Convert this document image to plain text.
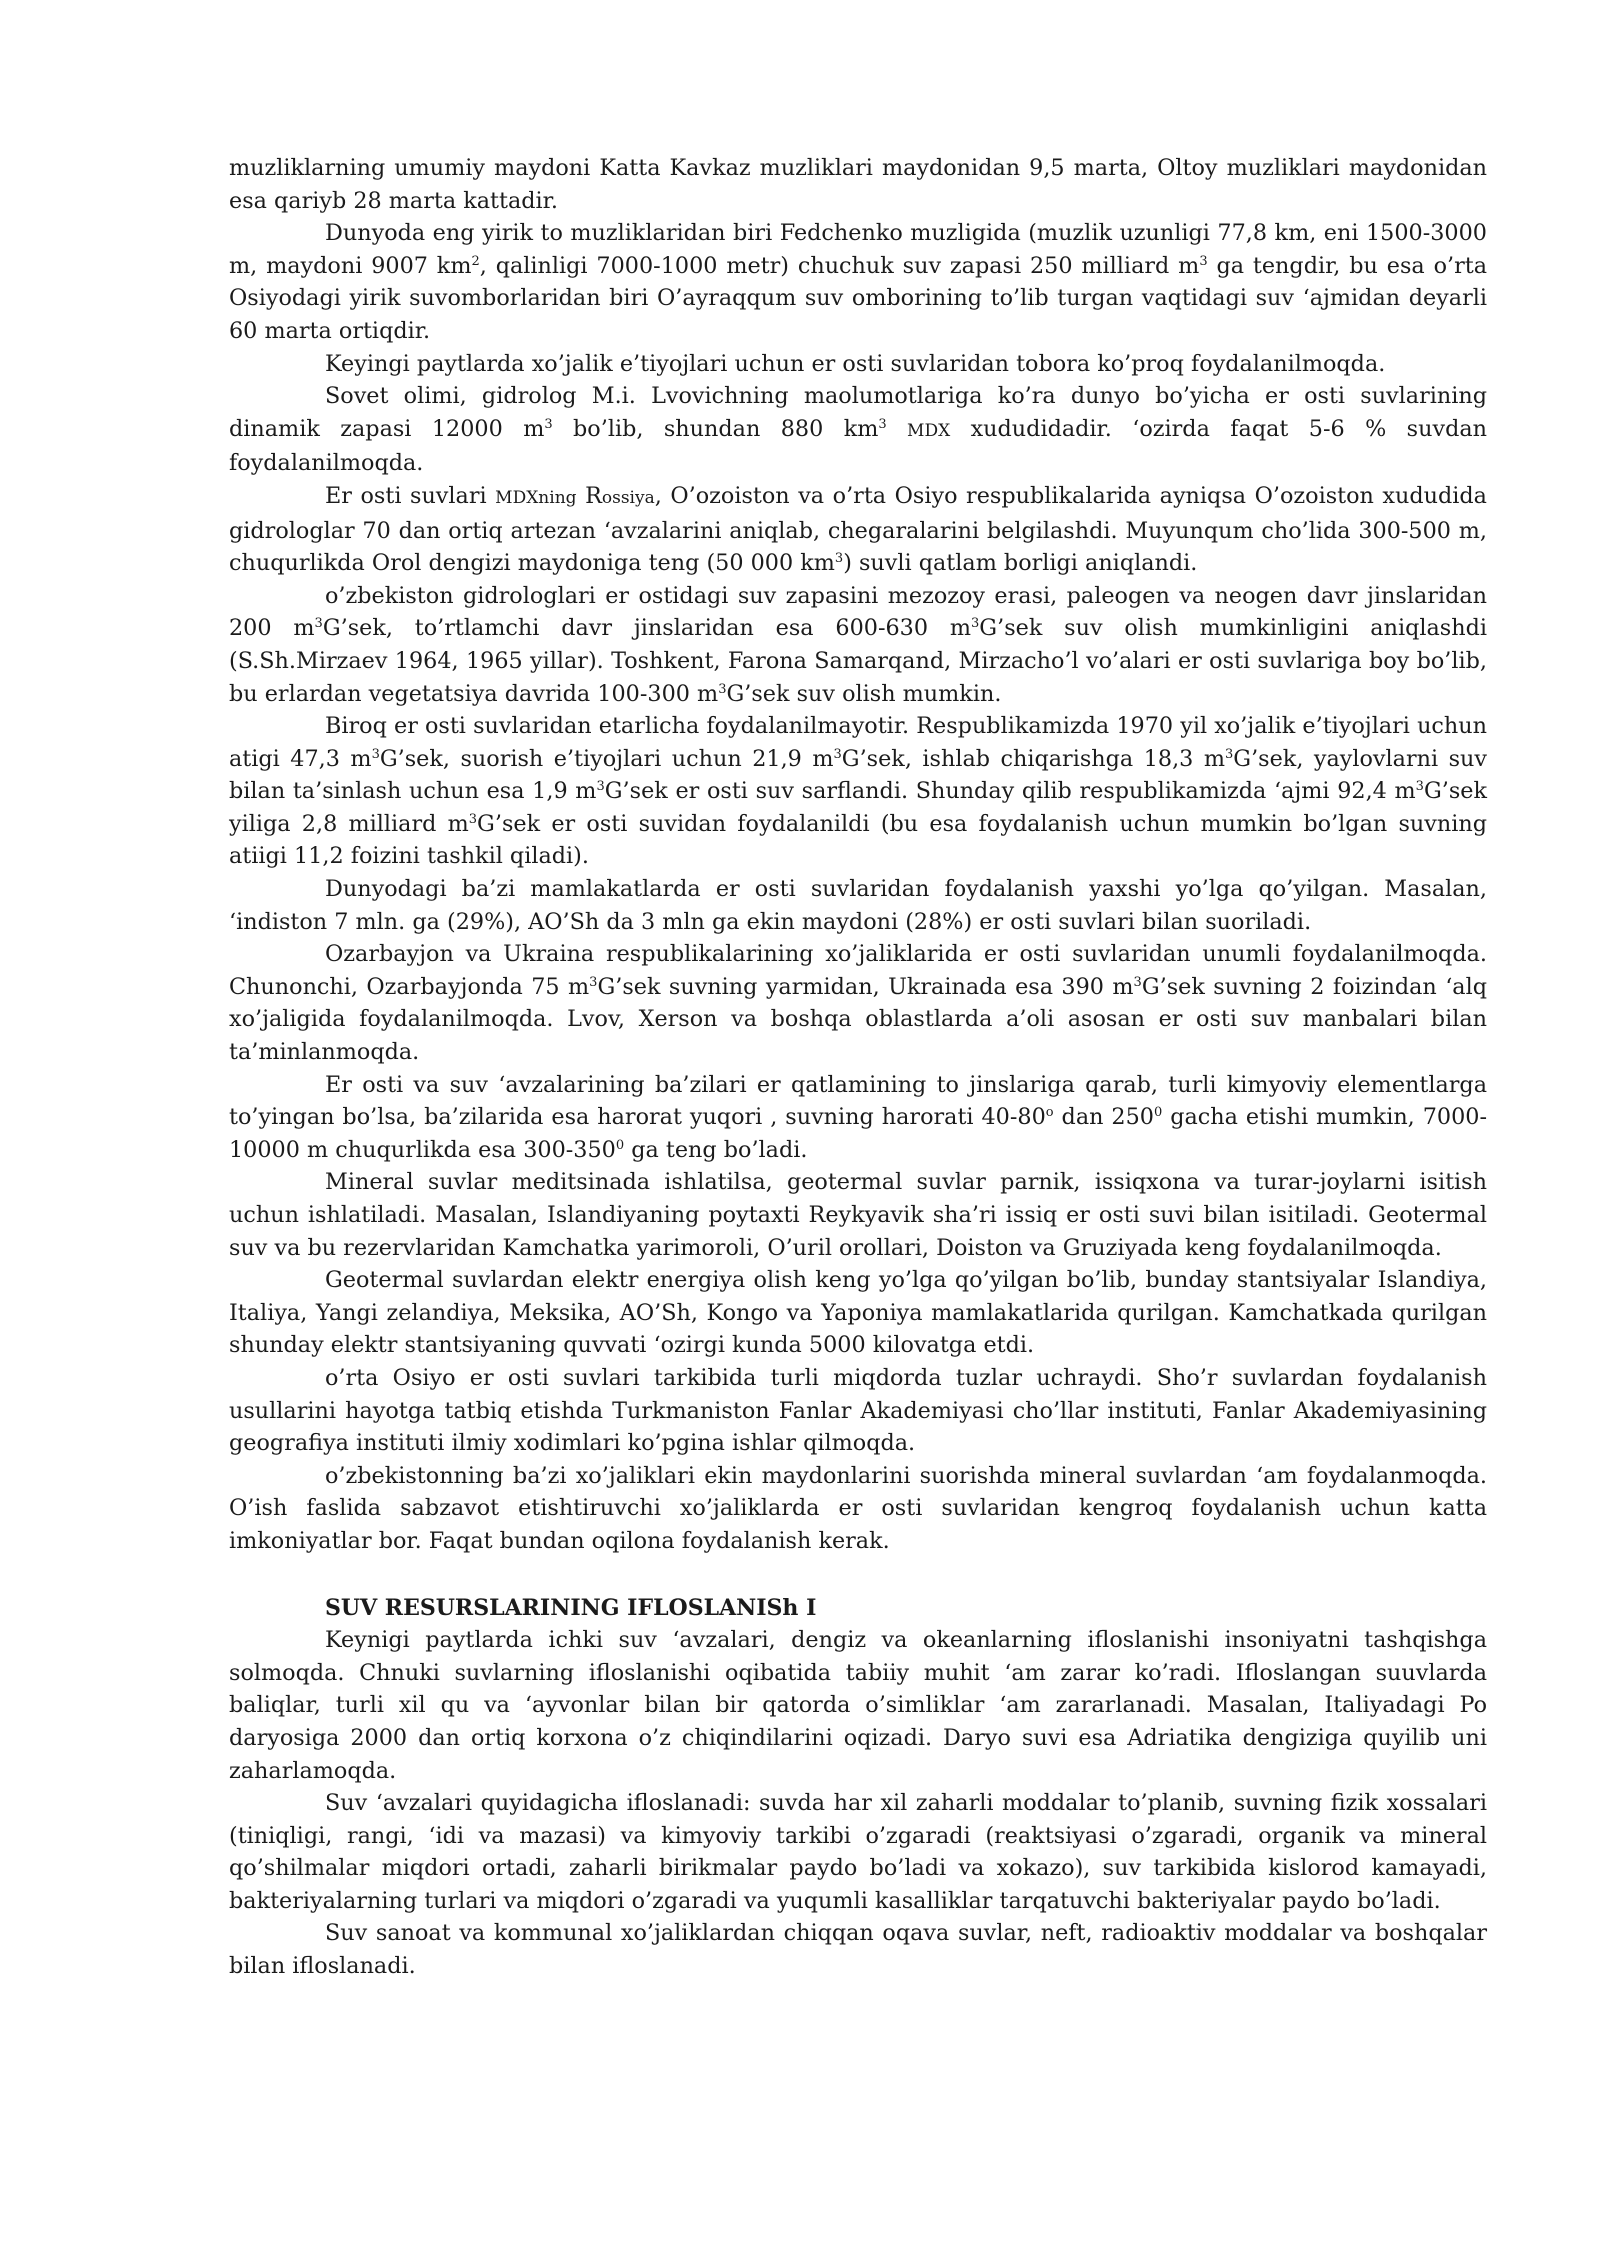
muzliklarning umumiy maydoni Katta Kavkaz muzliklari maydonidan 9,5 marta, Oltoy muzliklari maydonidan esa qariyb 28 marta kattadir.

Dunyoda eng yirik to muzliklaridan biri Fedchenko muzligida (muzlik uzunligi 77,8 km, eni 1500-3000 m, maydoni 9007 $km^2$, qalinligi 7000-1000 metr) chuchuk suv zapasi 250 milliard $m^3$ ga tengdir, bu esa o’rta Osiyodagi yirik suvomborlaridan biri O’ayraqqum suv omborining to’lib turgan vaqtidagi suv ‘ajmidan deyarli 60 marta ortiqdir.

Keyingi paytlarda xo’jalik e’tiyojlari uchun er osti suvlaridan tobora ko’proq foydalanilmoqda.

Sovet olimi, gidrolog M.i. Lvovichning maolumotlariga ko’ra dunyo bo’yicha er osti suvlarining dinamik zapasi 12000 $m^3$ bo’lib, shundan 880 $km^3$ MDX xududidadir. ‘ozirda faqat 5-6 % suvdan foydalanilmoqda.

Er osti suvlari MDXning Rossiya, O’ozoiston va o’rta Osiyo respublikalarida ayniqsa O’ozoiston xududida gidrologlar 70 dan ortiq artezan ‘avzalarini aniqlab, chegaralarini belgilashdi. Muyunqum cho’lida 300-500 m, chuqurlikda Orol dengizi maydoniga teng (50 000 $km^3$) suvli qatlam borligi aniqlandi.

o’zbekiston gidrologlari er ostidagi suv zapasini mezozoy erasi, paleogen va neogen davr jinslaridan 200 $m^3G’sek$, to’rtlamchi davr jinslaridan esa 600-630 $m^3G’sek$ suv olish mumkinligini aniqlashdi (S.Sh.Mirzaev 1964, 1965 yillar). Toshkent, Farona Samarqand, Mirzacho’l vo’alari er osti suvlariga boy bo’lib, bu erlardan vegetatsiya davrida 100-300 $m^3G’sek$ suv olish mumkin.

Biroq er osti suvlaridan etarlicha foydalanilmayotir. Respublikamizda 1970 yil xo’jalik e’tiyojlari uchun atigi 47,3 $m^3G’sek$, suorish e’tiyojlari uchun 21,9 $m^3G’sek$, ishlab chiqarishga 18,3 $m^3G’sek$, yaylovlarni suv bilan ta’sinlash uchun esa 1,9 $m^3G’sek$ er osti suv sarflandi. Shunday qilib respublikamizda ‘ajmi 92,4 $m^3G’sek$ yiliga 2,8 milliard $m^3G’sek$ er osti suvidan foydalanildi (bu esa foydalanish uchun mumkin bo’lgan suvning atiigi 11,2 foizini tashkil qiladi).

Dunyodagi ba’zi mamlakatlarda er osti suvlaridan foydalanish yaxshi yo’lga qo’yilgan. Masalan, ‘indiston 7 mln. ga (29%), AO’Sh da 3 mln ga ekin maydoni (28%) er osti suvlari bilan suoriladi.

Ozarbayjon va Ukraina respublikalarining xo’jaliklarida er osti suvlaridan unumli foydalanilmoqda. Chunonchi, Ozarbayjonda 75 $m^3G’sek$ suvning yarmidan, Ukrainada esa 390 $m^3G’sek$ suvning 2 foizindan ‘alq xo’jaligida foydalanilmoqda. Lvov, Xerson va boshqa oblastlarda a’oli asosan er osti suv manbalari bilan ta’minlanmoqda.

Er osti va suv ‘avzalarining ba’zilari er qatlamining to jinslariga qarab, turli kimyoviy elementlarga to’yingan bo’lsa, ba’zilarida esa harorat yuqori , suvning harorati 40-80$^o$ dan $250^0$ gacha etishi mumkin, 7000-10000 m chuqurlikda esa $300-350^0$ ga teng bo’ladi.

Mineral suvlar meditsinada ishlatilsa, geotermal suvlar parnik, issiqxona va turar-joylarni isitish uchun ishlatiladi. Masalan, Islandiyaning poytaxti Reykyavik sha’ri issiq er osti suvi bilan isitiladi. Geotermal suv va bu rezervlaridan Kamchatka yarimoroli, O’uril orollari, Doiston va Gruziyada keng foydalanilmoqda.

Geotermal suvlardan elektr energiya olish keng yo’lga qo’yilgan bo’lib, bunday stantsiyalar Islandiya, Italiya, Yangi zelandiya, Meksika, AO’Sh, Kongo va Yaponiya mamlakatlarida qurilgan. Kamchatkada qurilgan shunday elektr stantsiyaning quvvati ‘ozirgi kunda 5000 kilovatga etdi.

o’rta Osiyo er osti suvlari tarkibida turli miqdorda tuzlar uchraydi. Sho’r suvlardan foydalanish usullarini hayotga tatbiq etishda Turkmaniston Fanlar Akademiyasi cho’llar instituti, Fanlar Akademiyasining geografiya instituti ilmiy xodimlari ko’pgina ishlar qilmoqda.

o’zbekistonning ba’zi xo’jaliklari ekin maydonlarini suorishda mineral suvlardan ‘am foydalanmoqda. O’ish faslida sabzavot etishtiruvchi xo’jaliklarda er osti suvlaridan kengroq foydalanish uchun katta imkoniyatlar bor. Faqat bundan oqilona foydalanish kerak.

SUV RESURSLARINING IFLOSLANISh I

Keynigi paytlarda ichki suv ‘avzalari, dengiz va okeanlarning ifloslanishi insoniyatni tashqishga solmoqda. Chnuki suvlarning ifloslanishi oqibatida tabiiy muhit ‘am zarar ko’radi. Ifloslangan suuvlarda baliqlar, turli xil qu va ‘ayvonlar bilan bir qatorda o’simliklar ‘am zararlanadi. Masalan, Italiyadagi Po daryosiga 2000 dan ortiq korxona o’z chiqindilarini oqizadi. Daryo suvi esa Adriatika dengiziga quyilib uni zaharlamoqda.

Suv ‘avzalari quyidagicha ifloslanadi: suvda har xil zaharli moddalar to’planib, suvning fizik xossalari (tiniqligi, rangi, ‘idi va mazasi) va kimyoviy tarkibi o’zgaradi (reaktsiyasi o’zgaradi, organik va mineral qo’shilmalar miqdori ortadi, zaharli birikmalar paydo bo’ladi va xokazo), suv tarkibida kislorod kamayadi, bakteriyalarning turlari va miqdori o’zgaradi va yuqumli kasalliklar tarqatuvchi bakteriyalar paydo bo’ladi.

Suv sanoat va kommunal xo’jaliklardan chiqqan oqava suvlar, neft, radioaktiv moddalar va boshqalar bilan ifloslanadi.
